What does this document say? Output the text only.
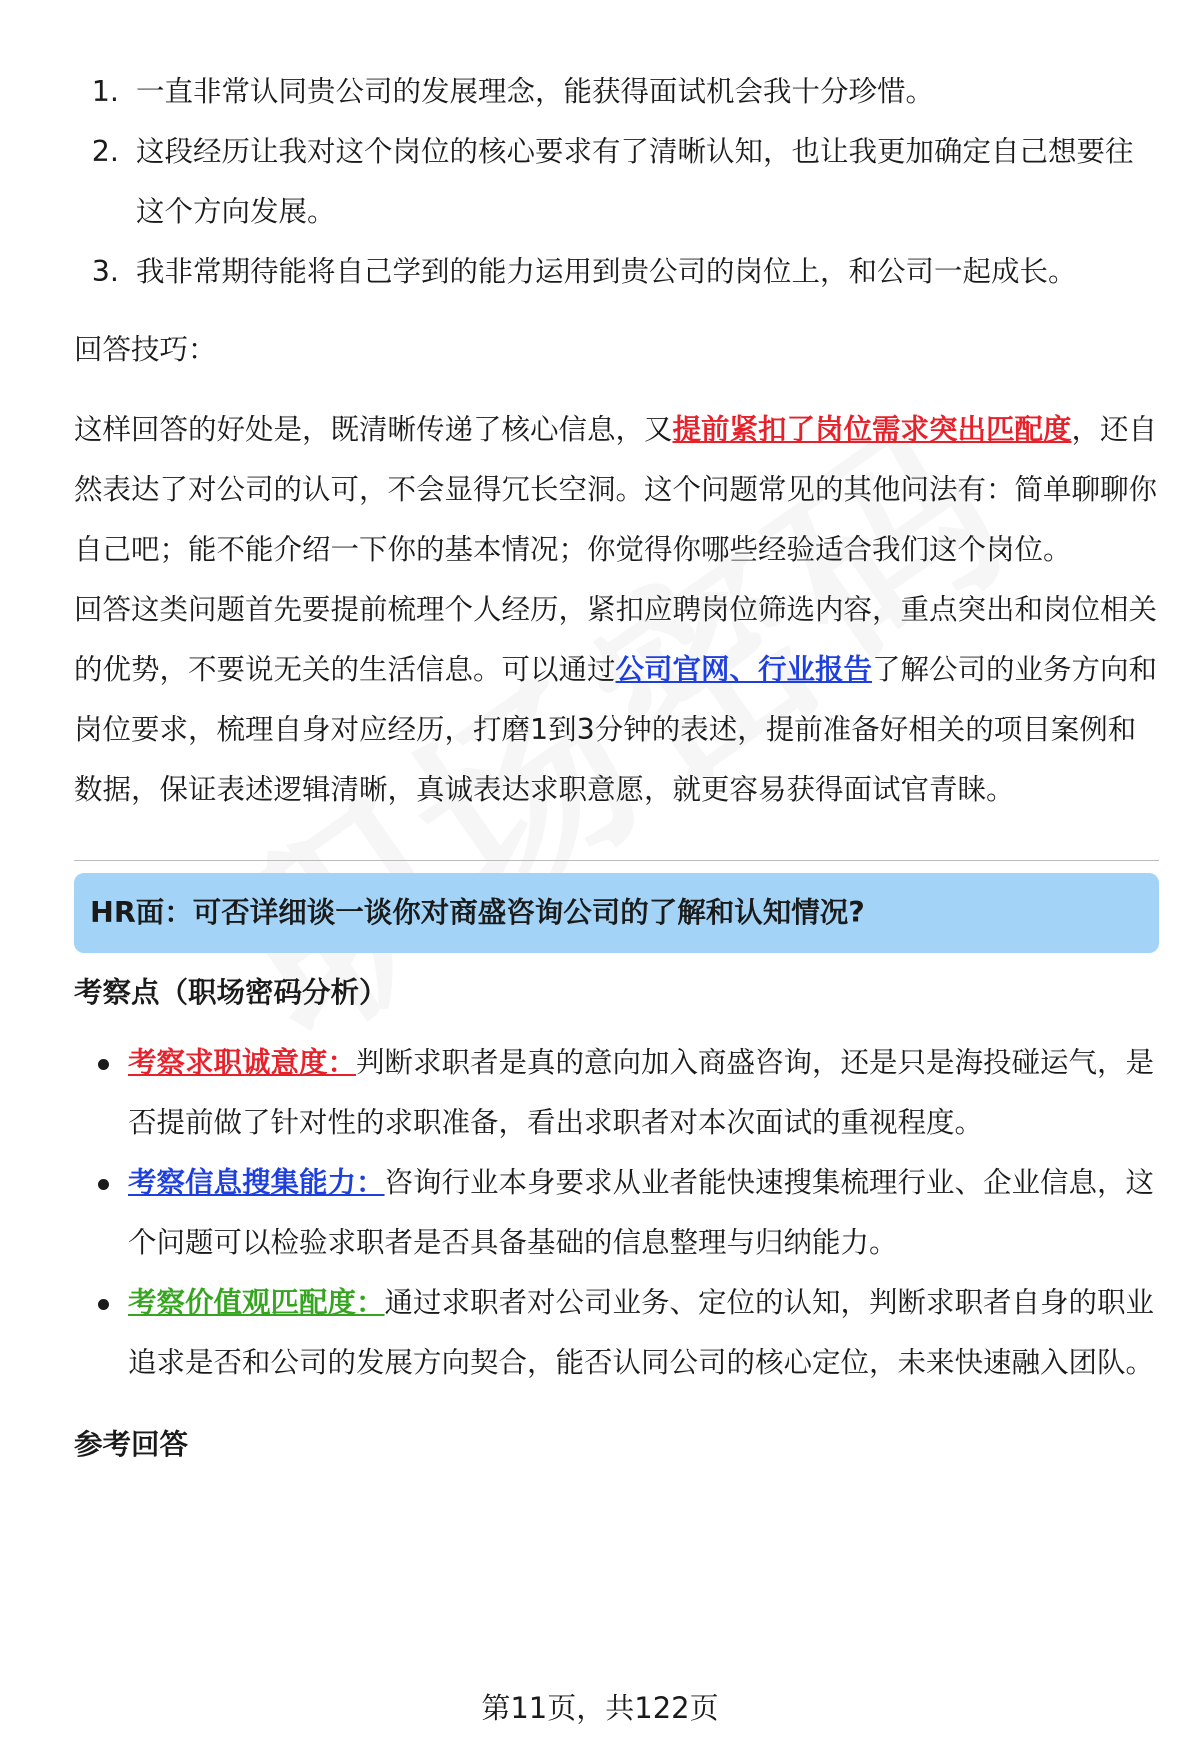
1. 一直非常认同贵公司的发展理念，能获得面试机会我十分珍惜。
2. 这段经历让我对这个岗位的核心要求有了清晰认知，也让我更加确定自己想要往这个方向发展。
3. 我非常期待能将自己学到的能力运用到贵公司的岗位上，和公司一起成长。

回答技巧：

这样回答的好处是，既清晰传递了核心信息，又提前紧扣了岗位需求突出匹配度，还自然表达了对公司的认可，不会显得冗长空洞。这个问题常见的其他问法有：简单聊聊你自己吧；能不能介绍一下你的基本情况；你觉得你哪些经验适合我们这个岗位。

回答这类问题首先要提前梳理个人经历，紧扣应聘岗位筛选内容，重点突出和岗位相关的优势，不要说无关的生活信息。可以通过公司官网、行业报告了解公司的业务方向和岗位要求，梳理自身对应经历，打磨1到3分钟的表述，提前准备好相关的项目案例和数据，保证表述逻辑清晰，真诚表达求职意愿，就更容易获得面试官青睐。

HR面：可否详细谈一谈你对商盛咨询公司的了解和认知情况?
考察点（职场密码分析）
考察求职诚意度：判断求职者是真的意向加入商盛咨询，还是只是海投碰运气，是否提前做了针对性的求职准备，看出求职者对本次面试的重视程度。
考察信息搜集能力：咨询行业本身要求从业者能快速搜集梳理行业、企业信息，这个问题可以检验求职者是否具备基础的信息整理与归纳能力。
考察价值观匹配度：通过求职者对公司业务、定位的认知，判断求职者自身的职业追求是否和公司的发展方向契合，能否认同公司的核心定位，未来快速融入团队。
参考回答
第11页，共122页
